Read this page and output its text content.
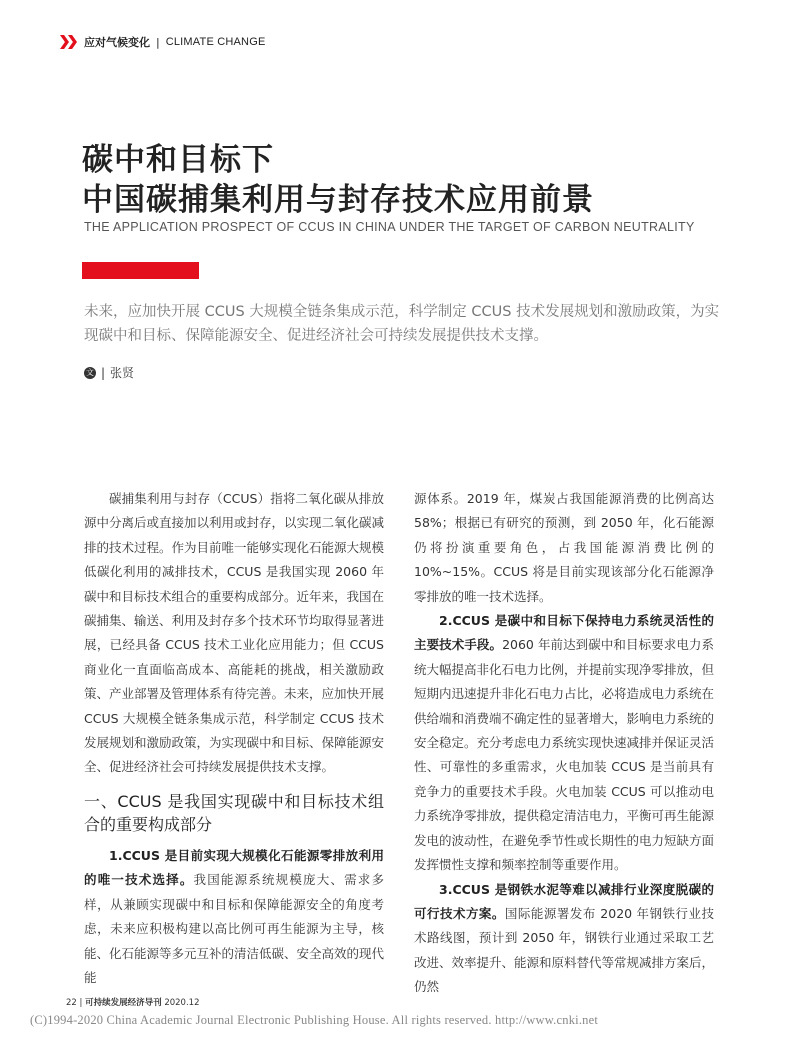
应对气候变化 | CLIMATE CHANGE
碳中和目标下
中国碳捕集利用与封存技术应用前景
THE APPLICATION PROSPECT OF CCUS IN CHINA UNDER THE TARGET OF CARBON NEUTRALITY
未来，应加快开展 CCUS 大规模全链条集成示范，科学制定 CCUS 技术发展规划和激励政策，为实现碳中和目标、保障能源安全、促进经济社会可持续发展提供技术支撑。
文 | 张贤

碳捕集利用与封存（CCUS）指将二氧化碳从排放源中分离后或直接加以利用或封存，以实现二氧化碳减排的技术过程。作为目前唯一能够实现化石能源大规模低碳化利用的减排技术，CCUS 是我国实现 2060 年碳中和目标技术组合的重要构成部分。近年来，我国在碳捕集、输送、利用及封存多个技术环节均取得显著进展，已经具备 CCUS 技术工业化应用能力；但 CCUS 商业化一直面临高成本、高能耗的挑战，相关激励政策、产业部署及管理体系有待完善。未来，应加快开展 CCUS 大规模全链条集成示范，科学制定 CCUS 技术发展规划和激励政策，为实现碳中和目标、保障能源安全、促进经济社会可持续发展提供技术支撑。

一、CCUS 是我国实现碳中和目标技术组合的重要构成部分

1.CCUS 是目前实现大规模化石能源零排放利用的唯一技术选择。我国能源系统规模庞大、需求多样，从兼顾实现碳中和目标和保障能源安全的角度考虑，未来应积极构建以高比例可再生能源为主导，核能、化石能源等多元互补的清洁低碳、安全高效的现代能

源体系。2019 年，煤炭占我国能源消费的比例高达 58%；根据已有研究的预测，到 2050 年，化石能源仍将扮演重要角色，占我国能源消费比例的 10%~15%。CCUS 将是目前实现该部分化石能源净零排放的唯一技术选择。

2.CCUS 是碳中和目标下保持电力系统灵活性的主要技术手段。2060 年前达到碳中和目标要求电力系统大幅提高非化石电力比例，并提前实现净零排放，但短期内迅速提升非化石电力占比，必将造成电力系统在供给端和消费端不确定性的显著增大，影响电力系统的安全稳定。充分考虑电力系统实现快速减排并保证灵活性、可靠性的多重需求，火电加装 CCUS 是当前具有竞争力的重要技术手段。火电加装 CCUS 可以推动电力系统净零排放，提供稳定清洁电力，平衡可再生能源发电的波动性，在避免季节性或长期性的电力短缺方面发挥惯性支撑和频率控制等重要作用。

3.CCUS 是钢铁水泥等难以减排行业深度脱碳的可行技术方案。国际能源署发布 2020 年钢铁行业技术路线图，预计到 2050 年，钢铁行业通过采取工艺改进、效率提升、能源和原料替代等常规减排方案后，仍然

22 | 可持续发展经济导刊 2020.12
(C)1994-2020 China Academic Journal Electronic Publishing House. All rights reserved. http://www.cnki.net
